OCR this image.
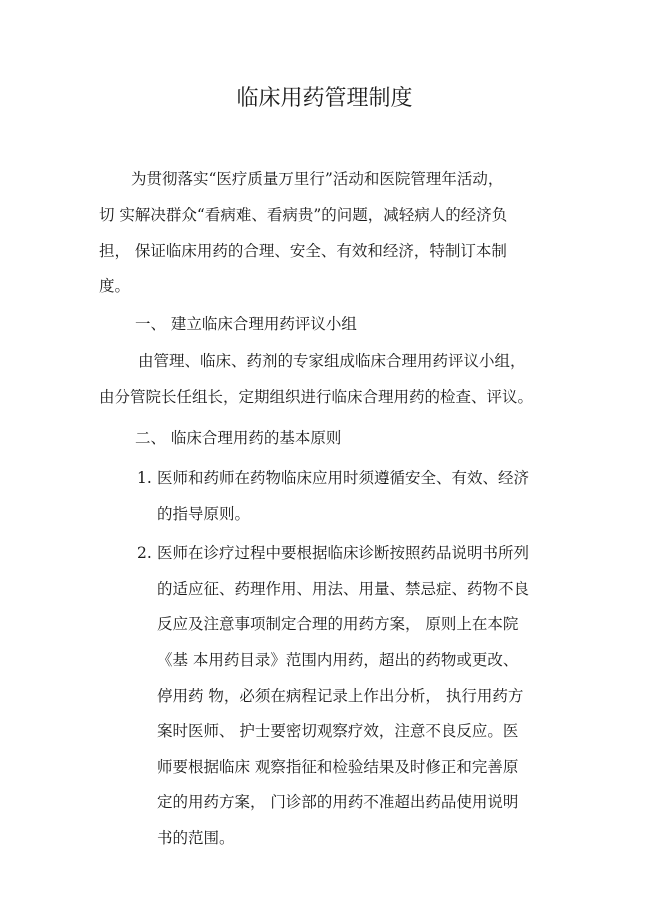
临床用药管理制度
为贯彻落实“医疗质量万里行”活动和医院管理年活动，
切 实解决群众“看病难、看病贵”的问题，减轻病人的经济负
担， 保证临床用药的合理、安全、有效和经济，特制订本制
度。
一、 建立临床合理用药评议小组
由管理、临床、药剂的专家组成临床合理用药评议小组，
由分管院长任组长，定期组织进行临床合理用药的检查、评议。
二、 临床合理用药的基本原则
1. 医师和药师在药物临床应用时须遵循安全、有效、经济
的指导原则。
2. 医师在诊疗过程中要根据临床诊断按照药品说明书所列
的适应征、药理作用、用法、用量、禁忌症、药物不良
反应及注意事项制定合理的用药方案， 原则上在本院
《基 本用药目录》范围内用药，超出的药物或更改、
停用药 物，必须在病程记录上作出分析， 执行用药方
案时医师、 护士要密切观察疗效，注意不良反应。医
师要根据临床 观察指征和检验结果及时修正和完善原
定的用药方案， 门诊部的用药不准超出药品使用说明
书的范围。
